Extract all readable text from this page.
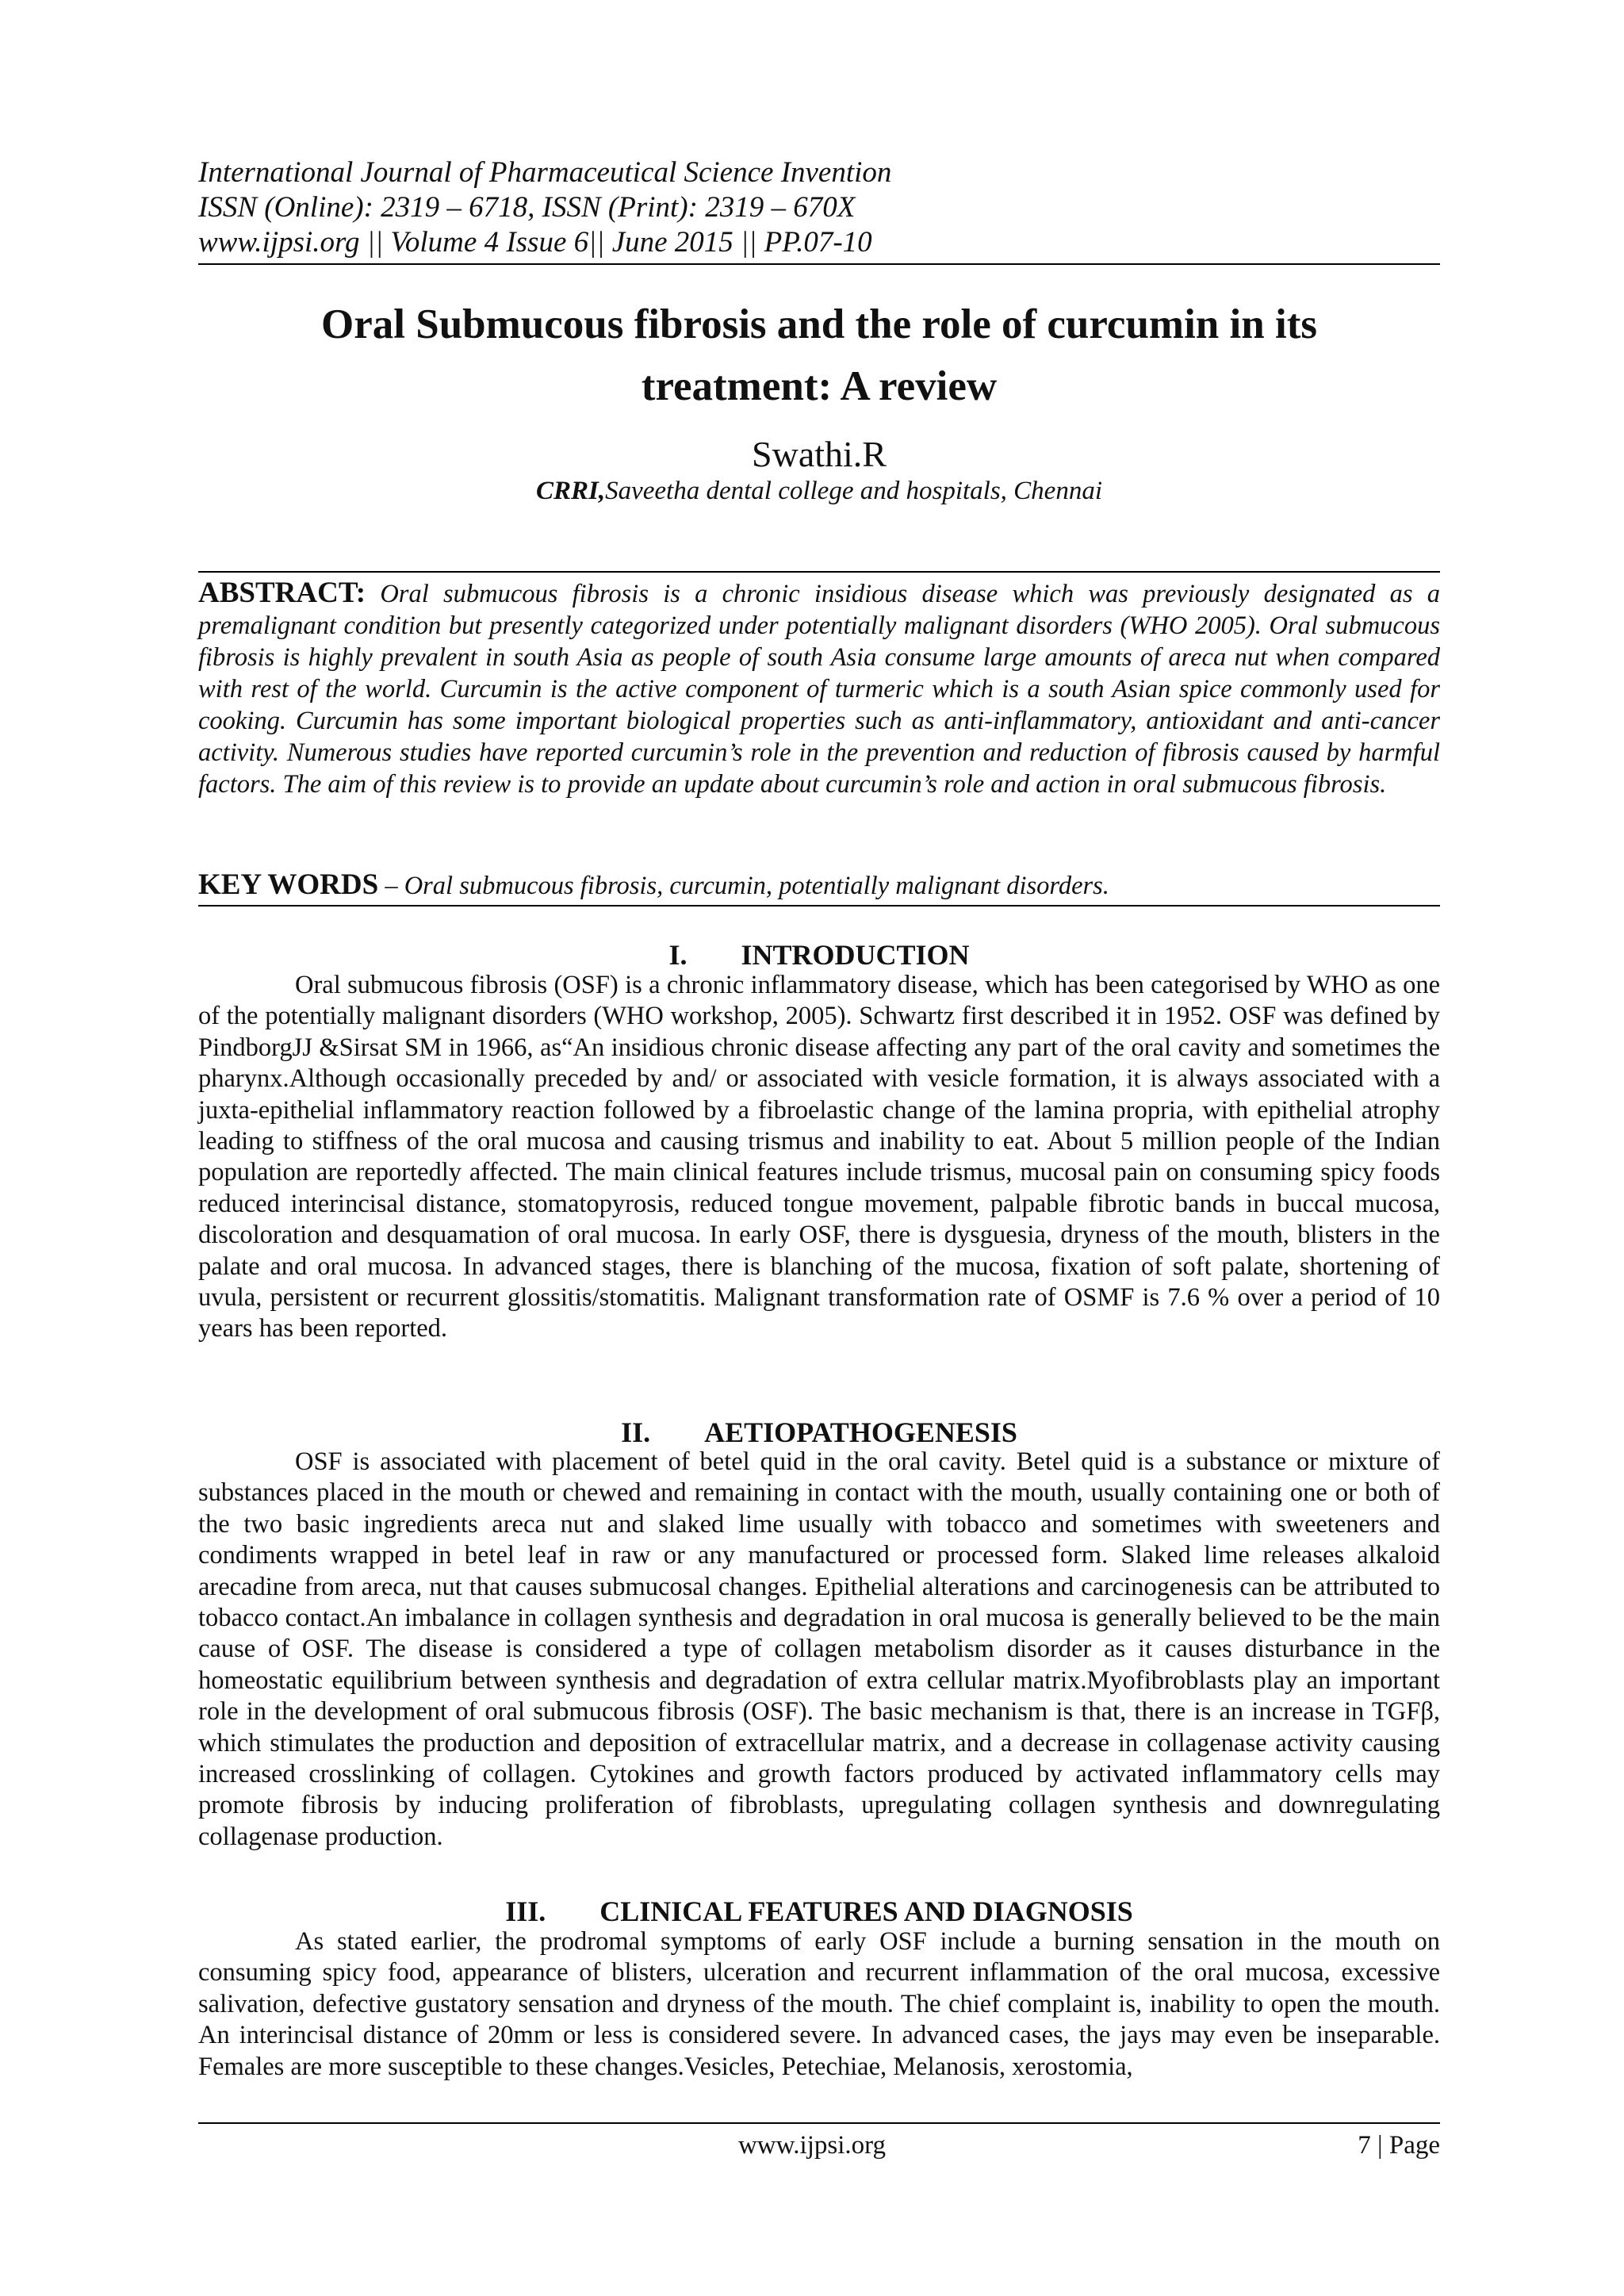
International Journal of Pharmaceutical Science Invention
ISSN (Online): 2319 – 6718, ISSN (Print): 2319 – 670X
www.ijpsi.org || Volume 4 Issue 6|| June 2015 || PP.07-10
Oral Submucous fibrosis and the role of curcumin in its
treatment: A review
Swathi.R
CRRI,Saveetha dental college and hospitals, Chennai
ABSTRACT: Oral submucous fibrosis is a chronic insidious disease which was previously designated as a premalignant condition but presently categorized under potentially malignant disorders (WHO 2005). Oral submucous fibrosis is highly prevalent in south Asia as people of south Asia consume large amounts of areca nut when compared with rest of the world. Curcumin is the active component of turmeric which is a south Asian spice commonly used for cooking. Curcumin has some important biological properties such as anti-inflammatory, antioxidant and anti-cancer activity. Numerous studies have reported curcumin’s role in the prevention and reduction of fibrosis caused by harmful factors. The aim of this review is to provide an update about curcumin’s role and action in oral submucous fibrosis.
KEY WORDS – Oral submucous fibrosis, curcumin, potentially malignant disorders.
I. INTRODUCTION
Oral submucous fibrosis (OSF) is a chronic inflammatory disease, which has been categorised by WHO as one of the potentially malignant disorders (WHO workshop, 2005). Schwartz first described it in 1952. OSF was defined by PindborgJJ &Sirsat SM in 1966, as“An insidious chronic disease affecting any part of the oral cavity and sometimes the pharynx.Although occasionally preceded by and/ or associated with vesicle formation, it is always associated with a juxta-epithelial inflammatory reaction followed by a fibroelastic change of the lamina propria, with epithelial atrophy leading to stiffness of the oral mucosa and causing trismus and inability to eat. About 5 million people of the Indian population are reportedly affected. The main clinical features include trismus, mucosal pain on consuming spicy foods reduced interincisal distance, stomatopyrosis, reduced tongue movement, palpable fibrotic bands in buccal mucosa, discoloration and desquamation of oral mucosa. In early OSF, there is dysguesia, dryness of the mouth, blisters in the palate and oral mucosa. In advanced stages, there is blanching of the mucosa, fixation of soft palate, shortening of uvula, persistent or recurrent glossitis/stomatitis. Malignant transformation rate of OSMF is 7.6 % over a period of 10 years has been reported.
II. AETIOPATHOGENESIS
OSF is associated with placement of betel quid in the oral cavity. Betel quid is a substance or mixture of substances placed in the mouth or chewed and remaining in contact with the mouth, usually containing one or both of the two basic ingredients areca nut and slaked lime usually with tobacco and sometimes with sweeteners and condiments wrapped in betel leaf in raw or any manufactured or processed form. Slaked lime releases alkaloid arecadine from areca, nut that causes submucosal changes. Epithelial alterations and carcinogenesis can be attributed to tobacco contact.An imbalance in collagen synthesis and degradation in oral mucosa is generally believed to be the main cause of OSF. The disease is considered a type of collagen metabolism disorder as it causes disturbance in the homeostatic equilibrium between synthesis and degradation of extra cellular matrix.Myofibroblasts play an important role in the development of oral submucous fibrosis (OSF). The basic mechanism is that, there is an increase in TGFβ, which stimulates the production and deposition of extracellular matrix, and a decrease in collagenase activity causing increased crosslinking of collagen. Cytokines and growth factors produced by activated inflammatory cells may promote fibrosis by inducing proliferation of fibroblasts, upregulating collagen synthesis and downregulating collagenase production.
III. CLINICAL FEATURES AND DIAGNOSIS
As stated earlier, the prodromal symptoms of early OSF include a burning sensation in the mouth on consuming spicy food, appearance of blisters, ulceration and recurrent inflammation of the oral mucosa, excessive salivation, defective gustatory sensation and dryness of the mouth. The chief complaint is, inability to open the mouth. An interincisal distance of 20mm or less is considered severe. In advanced cases, the jays may even be inseparable. Females are more susceptible to these changes.Vesicles, Petechiae, Melanosis, xerostomia,
www.ijpsi.org	7 | Page
